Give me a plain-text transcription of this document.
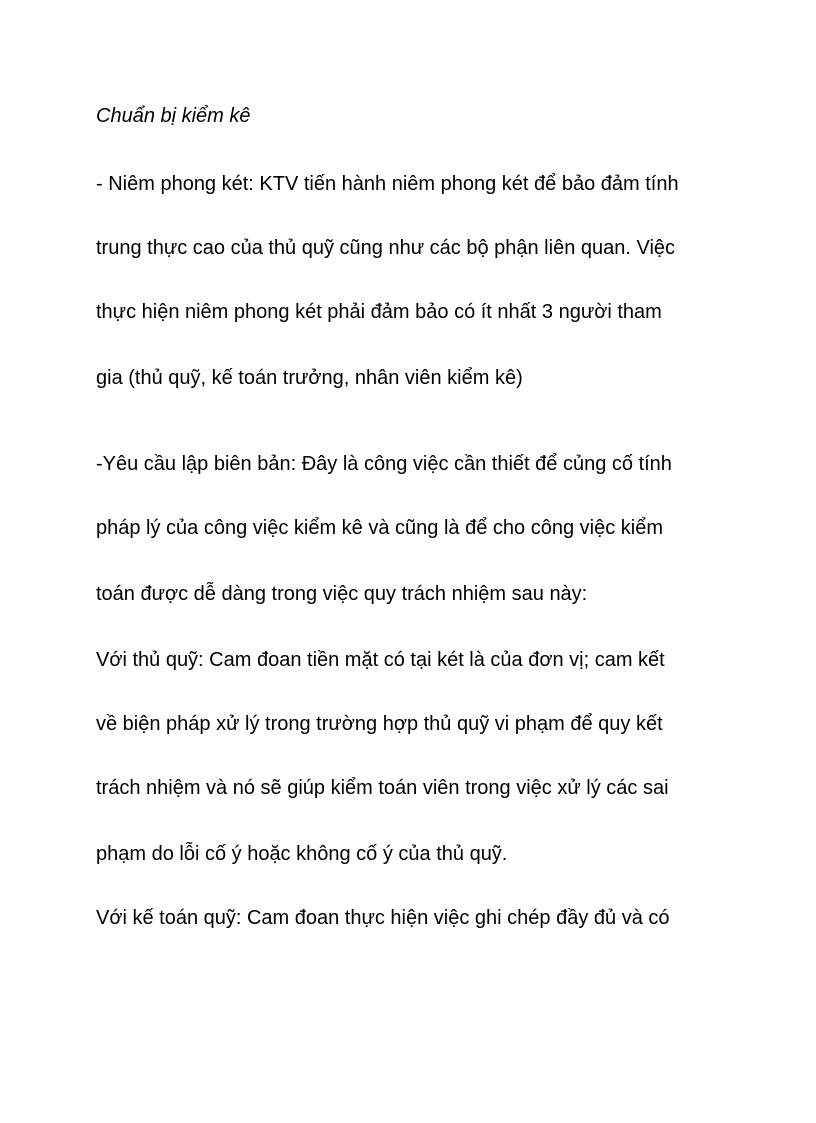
Chuẩn bị kiểm kê

- Niêm phong két: KTV tiến hành niêm phong két để bảo đảm tính

trung thực cao của thủ quỹ cũng như các bộ phận liên quan. Việc

thực hiện niêm phong két phải đảm bảo có ít nhất 3 người tham

gia (thủ quỹ, kế toán trưởng, nhân viên kiểm kê)

-Yêu cầu lập biên bản: Đây là công việc cần thiết để củng cố tính

pháp lý của công việc kiểm kê và cũng là để cho công việc kiểm

toán được dễ dàng trong việc quy trách nhiệm sau này:

Với thủ quỹ: Cam đoan tiền mặt có tại két là của đơn vị; cam kết

về biện pháp xử lý trong trường hợp thủ quỹ vi phạm để quy kết

trách nhiệm và nó sẽ giúp kiểm toán viên trong việc xử lý các sai

phạm do lỗi cố ý hoặc không cố ý của thủ quỹ.

Với kế toán quỹ: Cam đoan thực hiện việc ghi chép đầy đủ và có
